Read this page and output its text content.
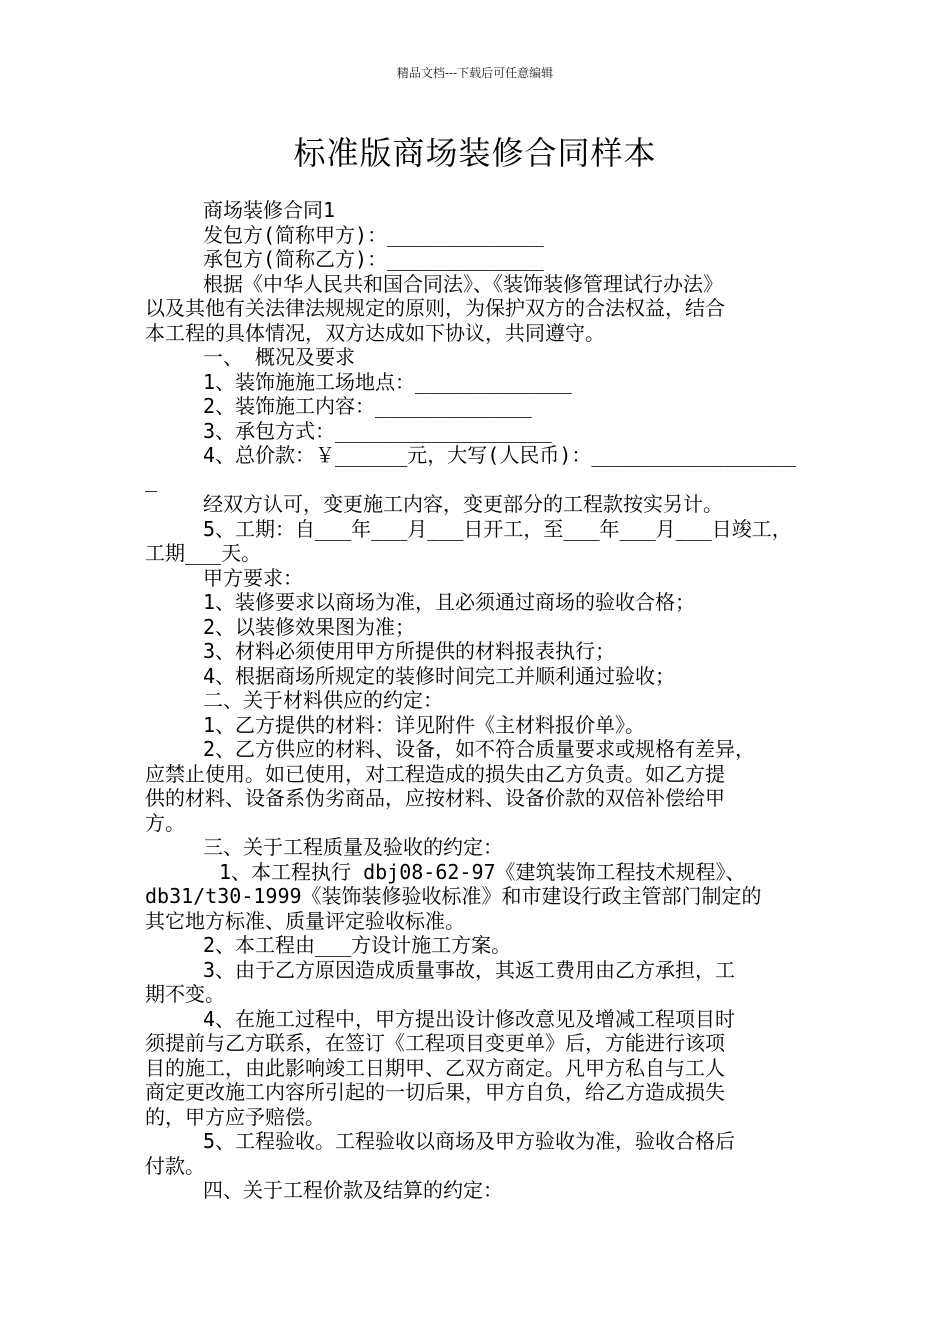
精品文档---下载后可任意编辑
标准版商场装修合同样本

商场装修合同1

发包方(简称甲方)：_____________

承包方(简称乙方)：_____________

根据《中华人民共和国合同法》、《装饰装修管理试行办法》

以及其他有关法律法规规定的原则，为保护双方的合法权益，结合

本工程的具体情况，双方达成如下协议，共同遵守。

一、 概况及要求

1、装饰施施工场地点：_____________

2、装饰施工内容：_____________

3、承包方式：__________________

4、总价款：￥______元，大写(人民币)：_________________

_

经双方认可，变更施工内容，变更部分的工程款按实另计。

5、工期：自___年___月___日开工，至___年___月___日竣工，

工期___天。

甲方要求：

1、装修要求以商场为准，且必须通过商场的验收合格；

2、以装修效果图为准；

3、材料必须使用甲方所提供的材料报表执行；

4、根据商场所规定的装修时间完工并顺利通过验收；

二、关于材料供应的约定：

1、乙方提供的材料：详见附件《主材料报价单》。

2、乙方供应的材料、设备，如不符合质量要求或规格有差异，

应禁止使用。如已使用，对工程造成的损失由乙方负责。如乙方提

供的材料、设备系伪劣商品，应按材料、设备价款的双倍补偿给甲

方。

三、关于工程质量及验收的约定：

1、本工程执行 dbj08-62-97《建筑装饰工程技术规程》、

db31/t30-1999《装饰装修验收标准》和市建设行政主管部门制定的

其它地方标准、质量评定验收标准。

2、本工程由___方设计施工方案。

3、由于乙方原因造成质量事故，其返工费用由乙方承担，工

期不变。

4、在施工过程中，甲方提出设计修改意见及增减工程项目时

须提前与乙方联系，在签订《工程项目变更单》后，方能进行该项

目的施工，由此影响竣工日期甲、乙双方商定。凡甲方私自与工人

商定更改施工内容所引起的一切后果，甲方自负，给乙方造成损失

的，甲方应予赔偿。

5、工程验收。工程验收以商场及甲方验收为准，验收合格后

付款。

四、关于工程价款及结算的约定：
